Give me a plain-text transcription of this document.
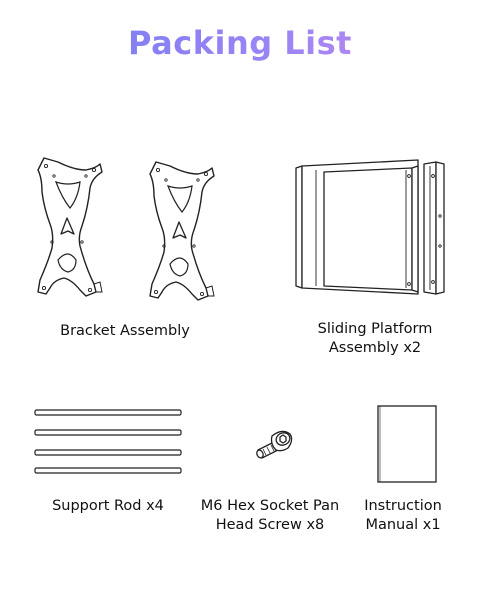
Packing List
Bracket Assembly	Sliding Platform
Assembly x2
Support Rod x4	M6 Hex Socket Pan
Head Screw x8
Instruction
Manual x1
